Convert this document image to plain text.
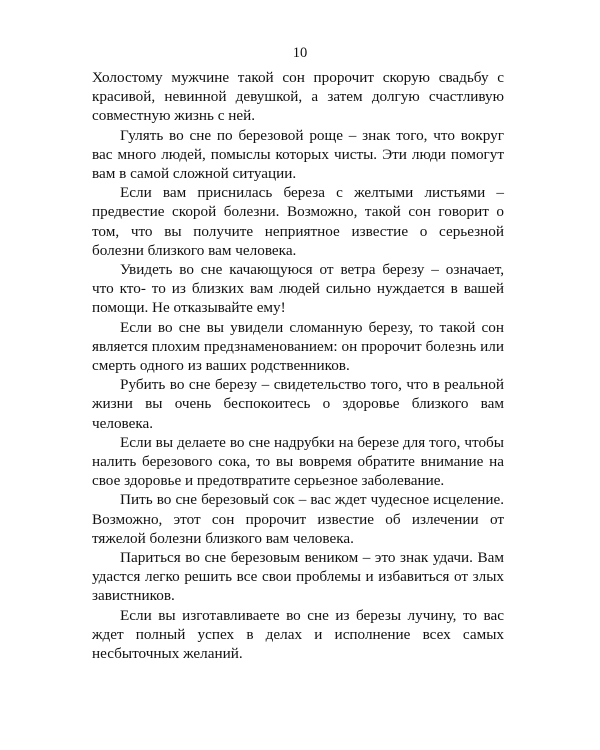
10

Холостому мужчине такой сон пророчит скорую свадьбу с красивой, невинной девушкой, а затем долгую счастливую совместную жизнь с ней.

Гулять во сне по березовой роще – знак того, что вокруг вас много людей, помыслы которых чисты. Эти люди помогут вам в самой сложной ситуации.

Если вам приснилась береза с желтыми листьями – предвестие скорой болезни. Возможно, такой сон говорит о том, что вы получите неприятное известие о серьезной болезни близкого вам человека.

Увидеть во сне качающуюся от ветра березу – означает, что кто- то из близких вам людей сильно нуждается в вашей помощи. Не отказывайте ему!

Если во сне вы увидели сломанную березу, то такой сон является плохим предзнаменованием: он пророчит болезнь или смерть одного из ваших родственников.

Рубить во сне березу – свидетельство того, что в реальной жизни вы очень беспокоитесь о здоровье близкого вам человека.

Если вы делаете во сне надрубки на березе для того, чтобы налить березового сока, то вы вовремя обратите внимание на свое здоровье и предотвратите серьезное заболевание.

Пить во сне березовый сок – вас ждет чудесное исцеление. Возможно, этот сон пророчит известие об излечении от тяжелой болезни близкого вам человека.

Париться во сне березовым веником – это знак удачи. Вам удастся легко решить все свои проблемы и избавиться от злых завистников.

Если вы изготавливаете во сне из березы лучину, то вас ждет полный успех в делах и исполнение всех самых несбыточных желаний.
